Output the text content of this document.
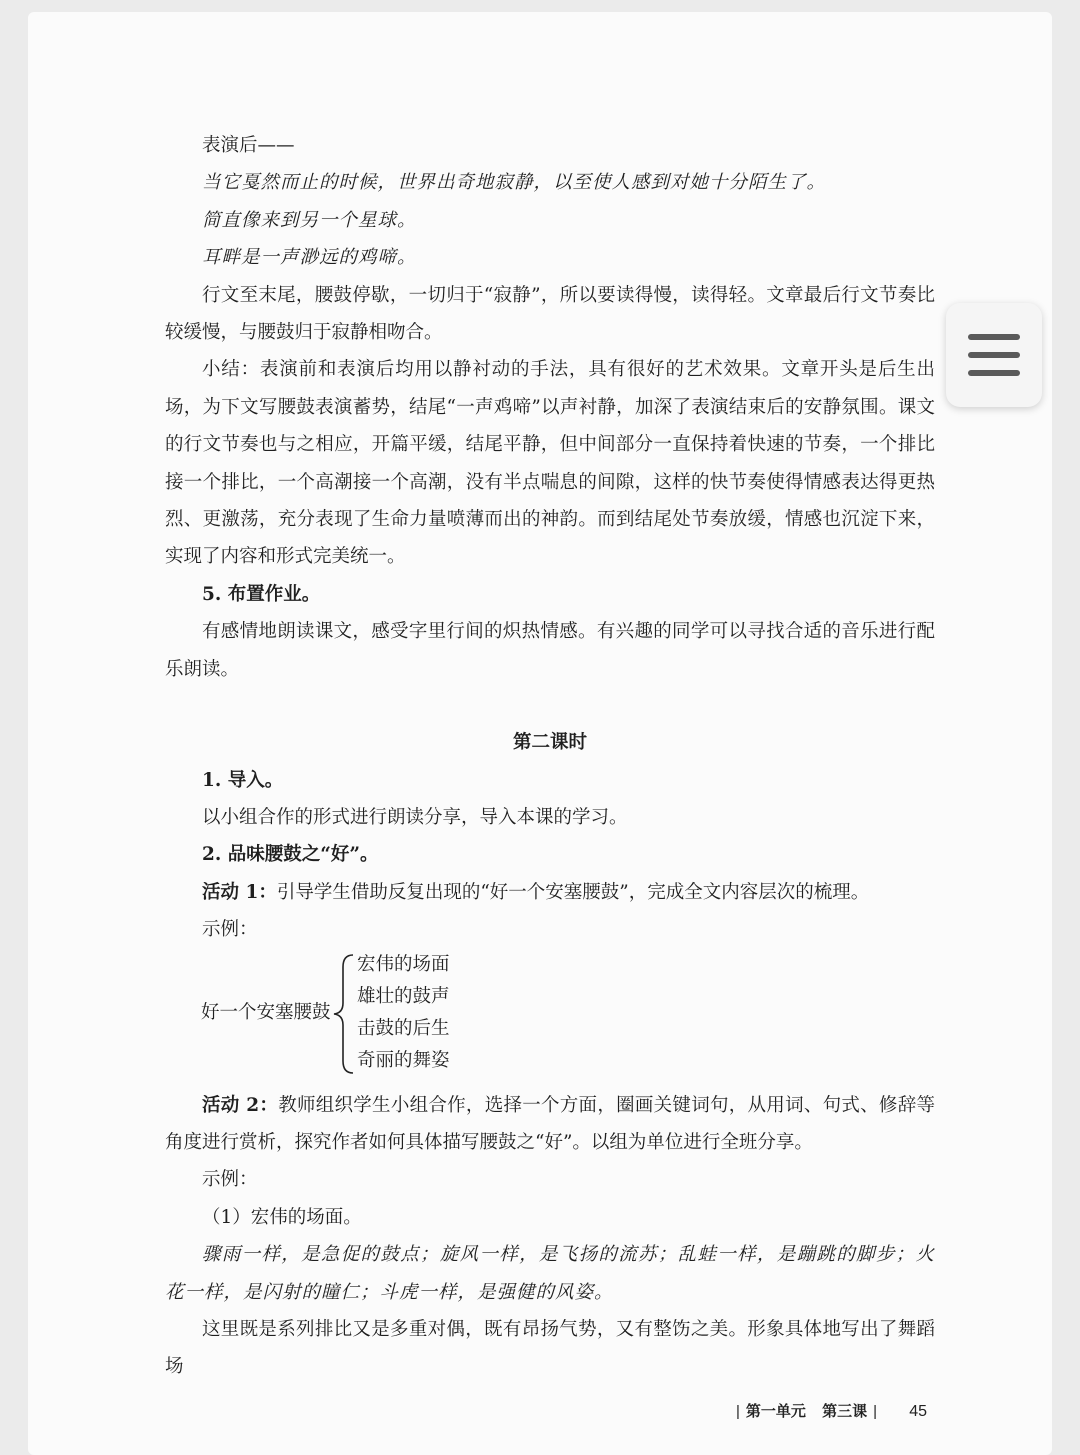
表演后——

当它戛然而止的时候，世界出奇地寂静，以至使人感到对她十分陌生了。

简直像来到另一个星球。

耳畔是一声渺远的鸡啼。

行文至末尾，腰鼓停歇，一切归于“寂静”，所以要读得慢，读得轻。文章最后行文节奏比较缓慢，与腰鼓归于寂静相吻合。

小结：表演前和表演后均用以静衬动的手法，具有很好的艺术效果。文章开头是后生出场，为下文写腰鼓表演蓄势，结尾“一声鸡啼”以声衬静，加深了表演结束后的安静氛围。课文的行文节奏也与之相应，开篇平缓，结尾平静，但中间部分一直保持着快速的节奏，一个排比接一个排比，一个高潮接一个高潮，没有半点喘息的间隙，这样的快节奏使得情感表达得更热烈、更激荡，充分表现了生命力量喷薄而出的神韵。而到结尾处节奏放缓，情感也沉淀下来，实现了内容和形式完美统一。

5. 布置作业。

有感情地朗读课文，感受字里行间的炽热情感。有兴趣的同学可以寻找合适的音乐进行配乐朗读。

第二课时

1. 导入。

以小组合作的形式进行朗读分享，导入本课的学习。

2. 品味腰鼓之“好”。

活动 1：引导学生借助反复出现的“好一个安塞腰鼓”，完成全文内容层次的梳理。

示例：

好一个安塞腰鼓
宏伟的场面
雄壮的鼓声
击鼓的后生
奇丽的舞姿

活动 2：教师组织学生小组合作，选择一个方面，圈画关键词句，从用词、句式、修辞等角度进行赏析，探究作者如何具体描写腰鼓之“好”。以组为单位进行全班分享。

示例：

（1）宏伟的场面。

骤雨一样，是急促的鼓点；旋风一样，是飞扬的流苏；乱蛙一样，是蹦跳的脚步；火花一样，是闪射的瞳仁；斗虎一样，是强健的风姿。

这里既是系列排比又是多重对偶，既有昂扬气势，又有整饬之美。形象具体地写出了舞蹈场

| 第一单元 第三课 | 45
